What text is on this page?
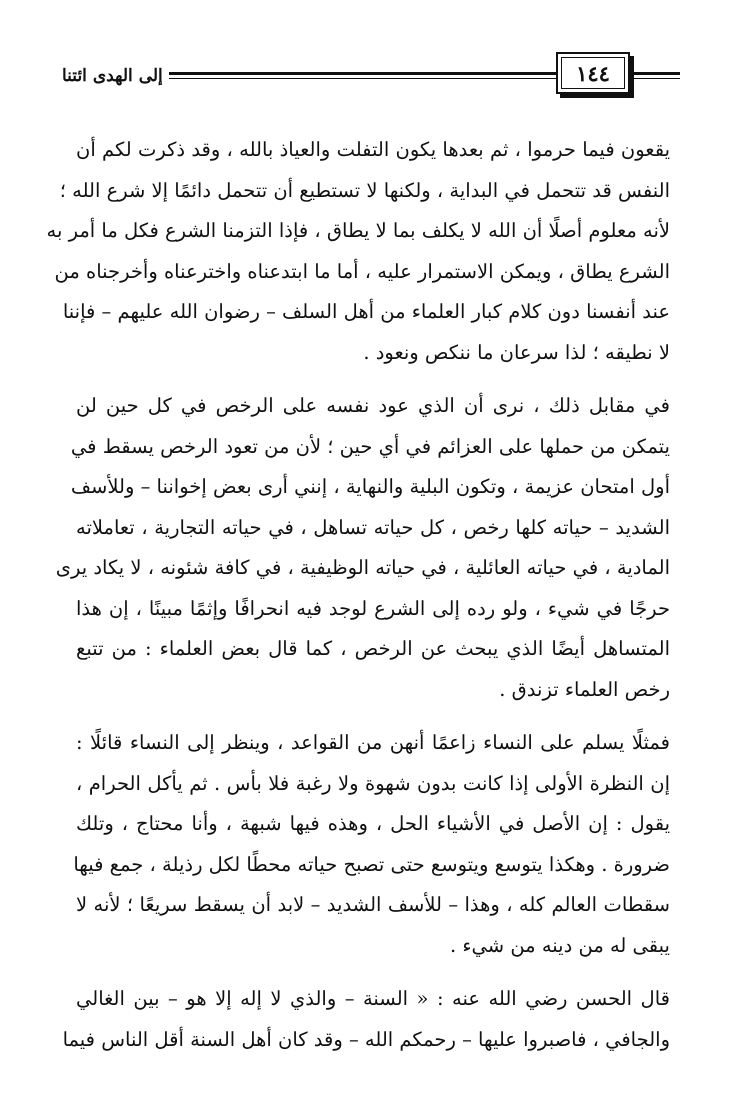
إلى الهدى ائتنا	١٤٤
يقعون فيما حرموا ، ثم بعدها يكون التفلت والعياذ بالله ، وقد ذكرت لكم أن
النفس قد تتحمل في البداية ، ولكنها لا تستطيع أن تتحمل دائمًا إلا شرع الله ؛
لأنه معلوم أصلًا أن الله لا يكلف بما لا يطاق ، فإذا التزمنا الشرع فكل ما أمر به
الشرع يطاق ، ويمكن الاستمرار عليه ، أما ما ابتدعناه واخترعناه وأخرجناه من
عند أنفسنا دون كلام كبار العلماء من أهل السلف – رضوان الله عليهم – فإننا
لا نطيقه ؛ لذا سرعان ما ننكص ونعود .
في مقابل ذلك ، نرى أن الذي عود نفسه على الرخص في كل حين لن
يتمكن من حملها على العزائم في أي حين ؛ لأن من تعود الرخص يسقط في
أول امتحان عزيمة ، وتكون البلية والنهاية ، إنني أرى بعض إخواننا – وللأسف
الشديد – حياته كلها رخص ، كل حياته تساهل ، في حياته التجارية ، تعاملاته
المادية ، في حياته العائلية ، في حياته الوظيفية ، في كافة شئونه ، لا يكاد يرى
حرجًا في شيء ، ولو رده إلى الشرع لوجد فيه انحرافًا وإثمًا مبينًا ، إن هذا
المتساهل أيضًا الذي يبحث عن الرخص ، كما قال بعض العلماء : من تتبع
رخص العلماء تزندق .
فمثلًا يسلم على النساء زاعمًا أنهن من القواعد ، وينظر إلى النساء قائلًا :
إن النظرة الأولى إذا كانت بدون شهوة ولا رغبة فلا بأس . ثم يأكل الحرام ،
يقول : إن الأصل في الأشياء الحل ، وهذه فيها شبهة ، وأنا محتاج ، وتلك
ضرورة . وهكذا يتوسع ويتوسع حتى تصبح حياته محطًا لكل رذيلة ، جمع فيها
سقطات العالم كله ، وهذا – للأسف الشديد – لابد أن يسقط سريعًا ؛ لأنه لا
يبقى له من دينه من شيء .
قال الحسن رضي الله عنه : « السنة – والذي لا إله إلا هو – بين الغالي
والجافي ، فاصبروا عليها – رحمكم الله – وقد كان أهل السنة أقل الناس فيما
